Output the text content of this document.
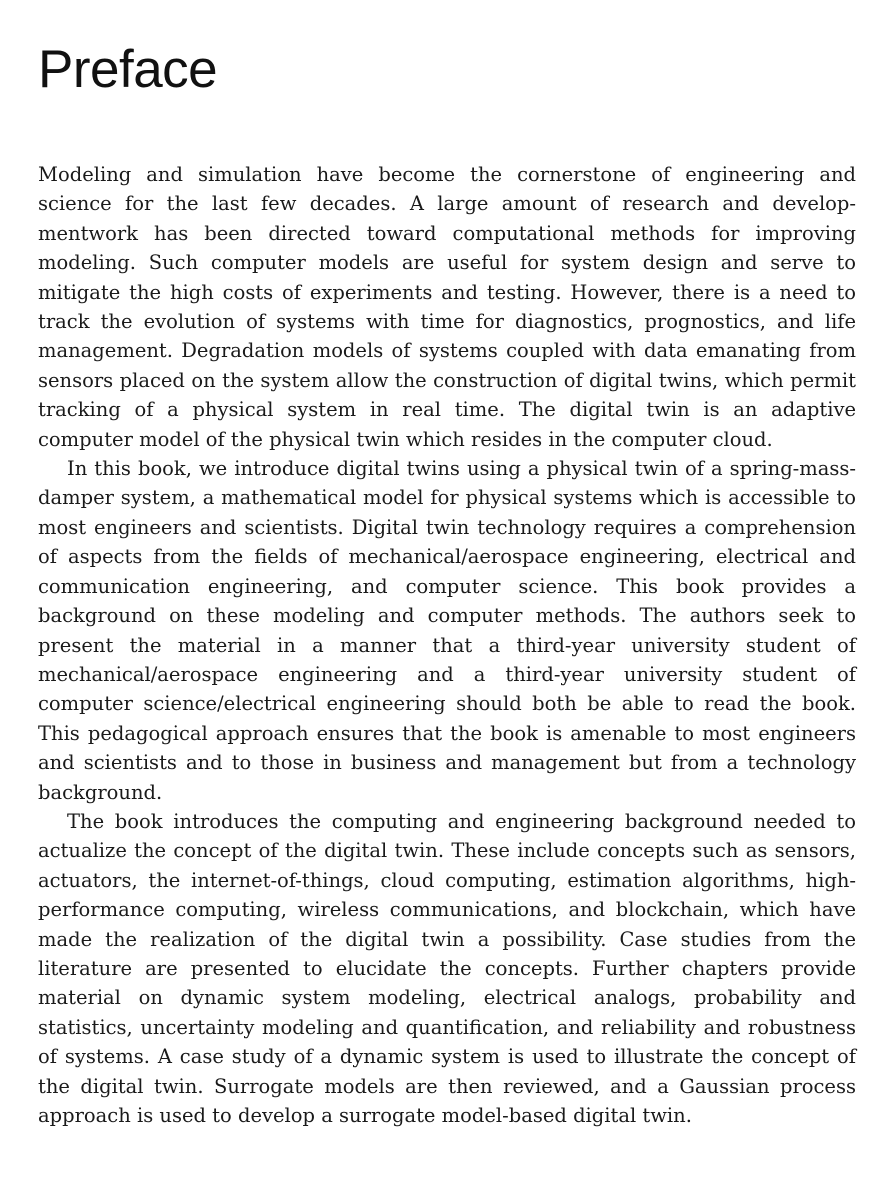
Preface

Modeling and simulation have become the cornerstone of engineering and science for the last few decades. A large amount of research and developmentwork has been directed toward computational methods for improving modeling. Such computer models are useful for system design and serve to mitigate the high costs of experiments and testing. However, there is a need to track the evolution of systems with time for diagnostics, prognostics, and life management. Degradation models of systems coupled with data emanating from sensors placed on the system allow the construction of digital twins, which permit tracking of a physical system in real time. The digital twin is an adaptive computer model of the physical twin which resides in the computer cloud.

In this book, we introduce digital twins using a physical twin of a spring-mass-damper system, a mathematical model for physical systems which is accessible to most engineers and scientists. Digital twin technology requires a comprehension of aspects from the fields of mechanical/aerospace engineering, electrical and communication engineering, and computer science. This book provides a background on these modeling and computer methods. The authors seek to present the material in a manner that a third-year university student of mechanical/aerospace engineering and a third-year university student of computer science/electrical engineering should both be able to read the book. This pedagogical approach ensures that the book is amenable to most engineers and scientists and to those in business and management but from a technology background.

The book introduces the computing and engineering background needed to actualize the concept of the digital twin. These include concepts such as sensors, actuators, the internet-of-things, cloud computing, estimation algorithms, high-performance computing, wireless communications, and blockchain, which have made the realization of the digital twin a possibility. Case studies from the literature are presented to elucidate the concepts. Further chapters provide material on dynamic system modeling, electrical analogs, probability and statistics, uncertainty modeling and quantification, and reliability and robustness of systems. A case study of a dynamic system is used to illustrate the concept of the digital twin. Surrogate models are then reviewed, and a Gaussian process approach is used to develop a surrogate model-based digital twin.
